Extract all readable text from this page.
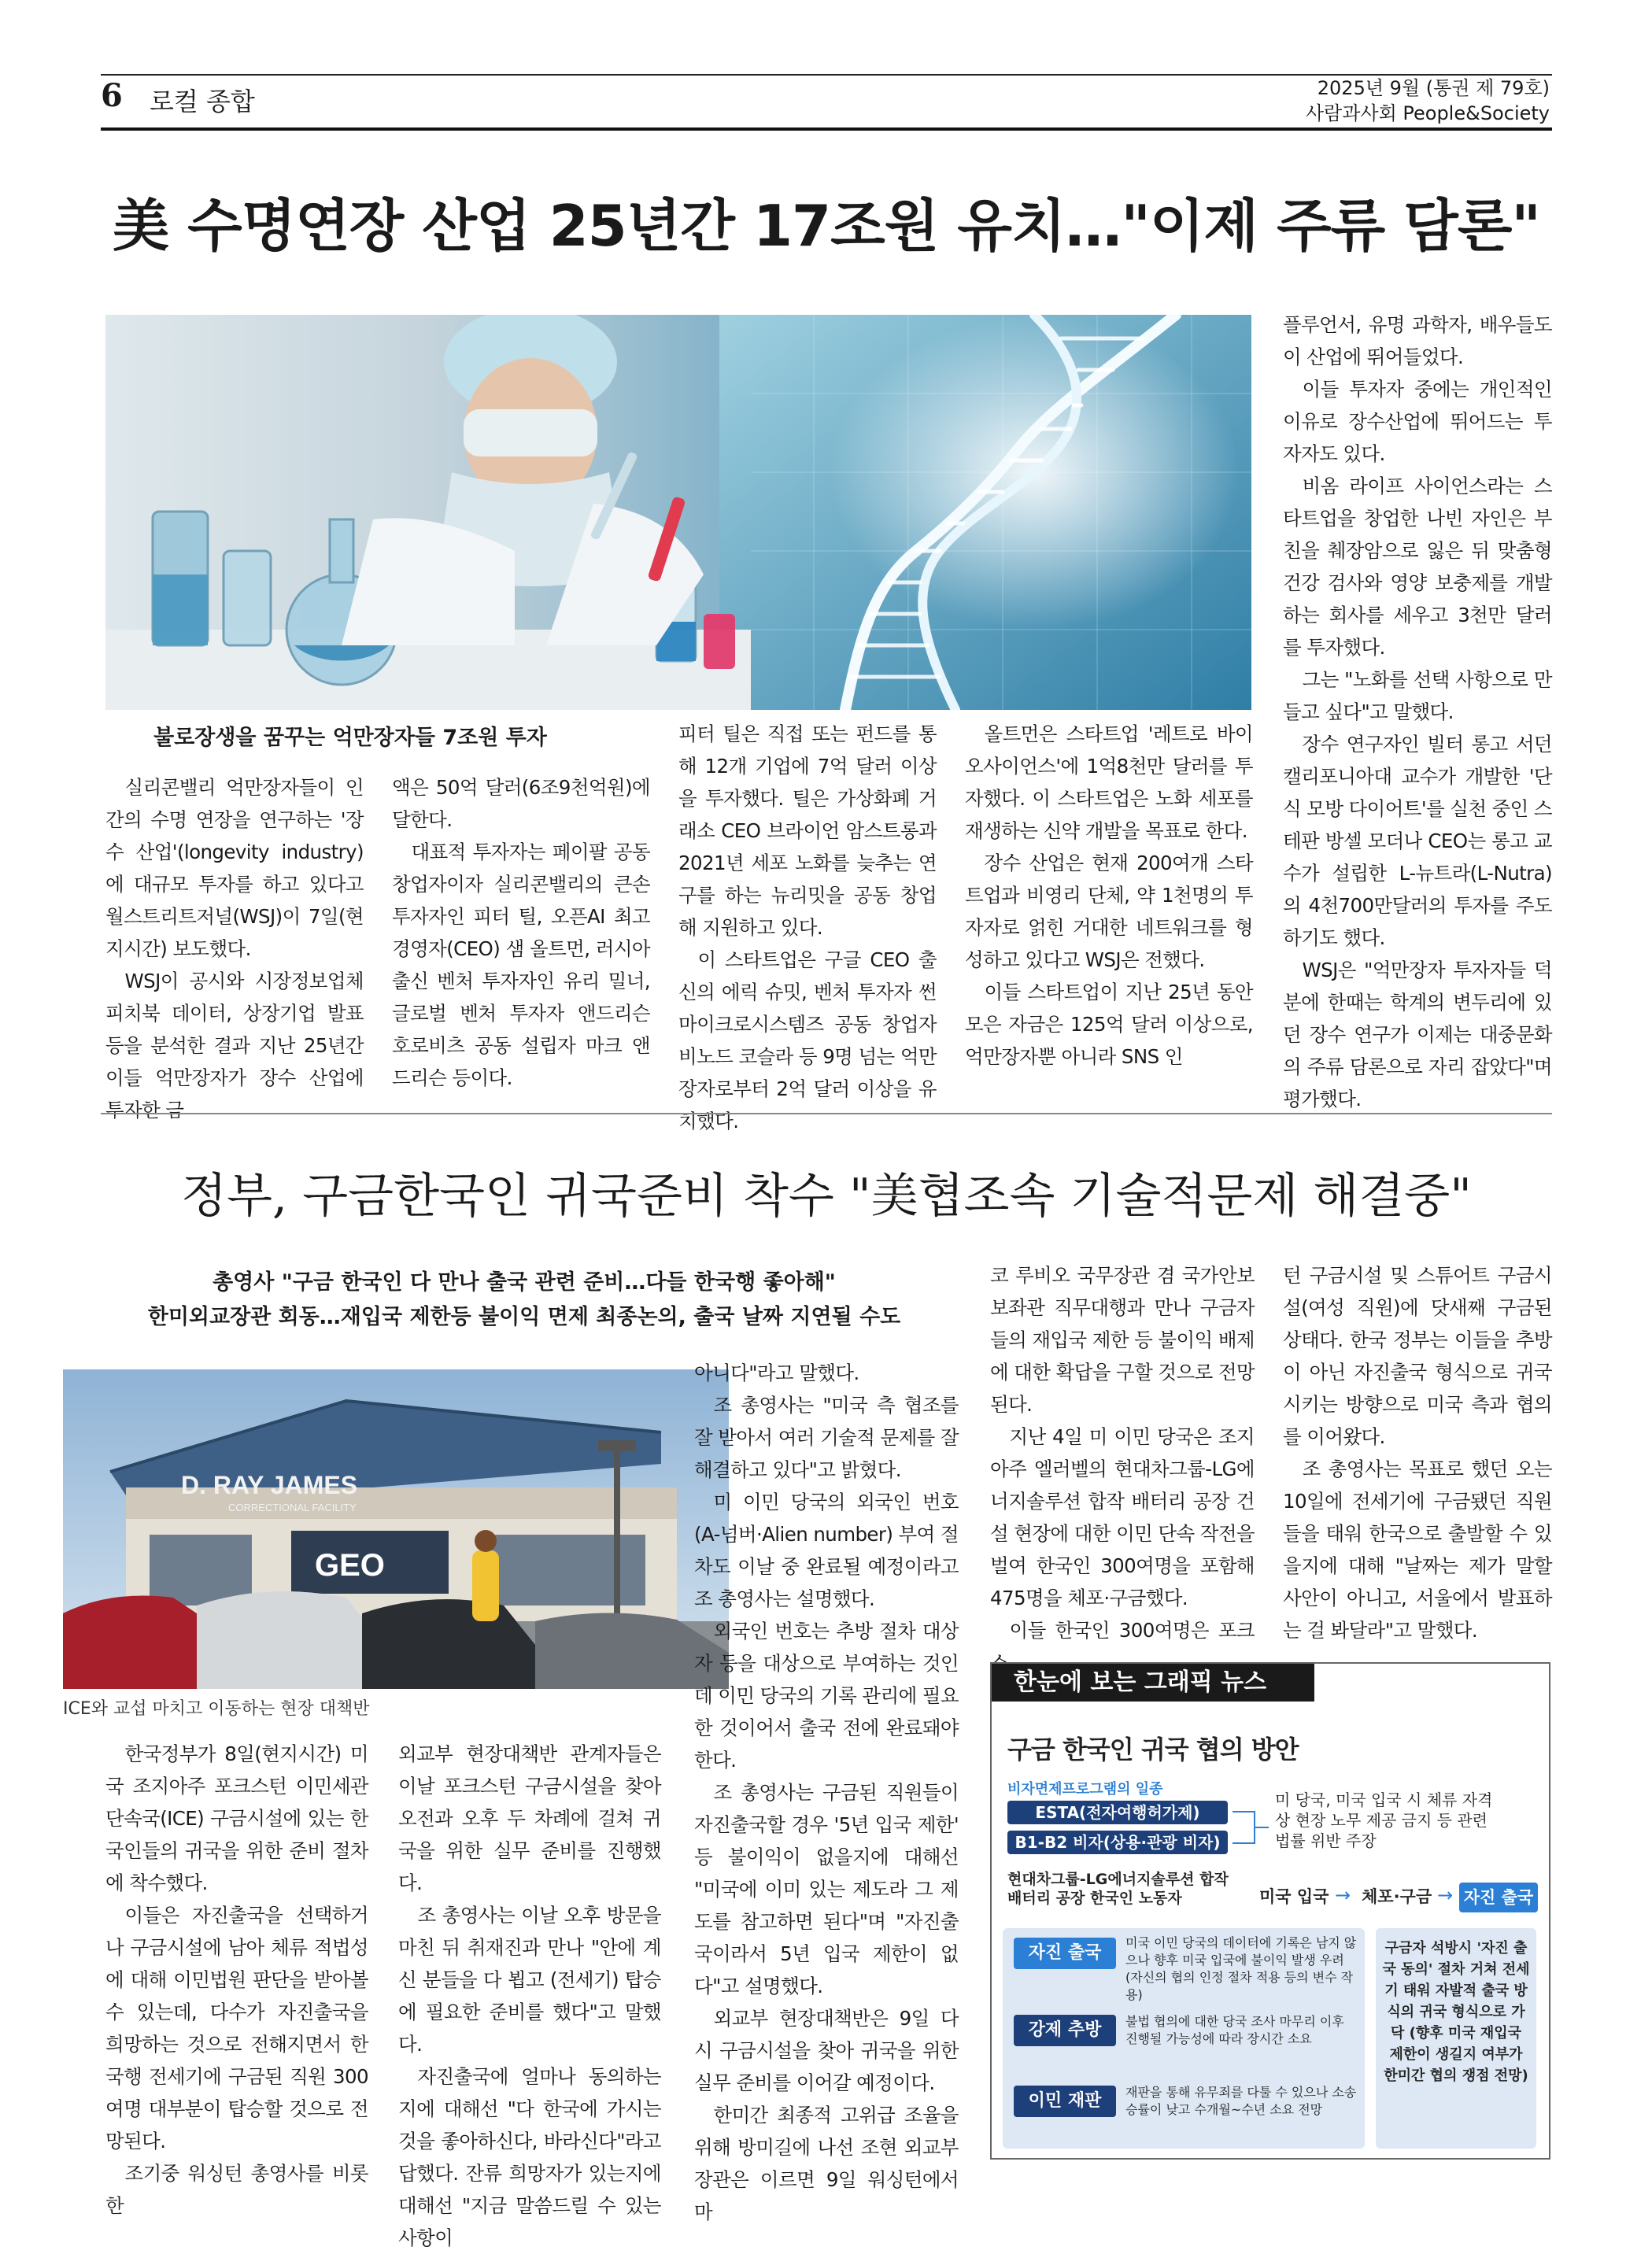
6 로컬 종합	2025년 9월 (통권 제 79호)
사람과사회 People&Society
美 수명연장 산업 25년간 17조원 유치…"이제 주류 담론"
불로장생을 꿈꾸는 억만장자들 7조원 투자

실리콘밸리 억만장자들이 인간의 수명 연장을 연구하는 '장수 산업'(longevity industry)에 대규모 투자를 하고 있다고 월스트리트저널(WSJ)이 7일(현지시간) 보도했다.

WSJ이 공시와 시장정보업체 피치북 데이터, 상장기업 발표 등을 분석한 결과 지난 25년간 이들 억만장자가 장수 산업에 투자한 금

액은 50억 달러(6조9천억원)에 달한다.

대표적 투자자는 페이팔 공동창업자이자 실리콘밸리의 큰손 투자자인 피터 틸, 오픈AI 최고경영자(CEO) 샘 올트먼, 러시아 출신 벤처 투자자인 유리 밀너, 글로벌 벤처 투자자 앤드리슨 호로비츠 공동 설립자 마크 앤드리슨 등이다.

피터 틸은 직접 또는 펀드를 통해 12개 기업에 7억 달러 이상을 투자했다. 틸은 가상화폐 거래소 CEO 브라이언 암스트롱과 2021년 세포 노화를 늦추는 연구를 하는 뉴리밋을 공동 창업해 지원하고 있다.

이 스타트업은 구글 CEO 출신의 에릭 슈밋, 벤처 투자자 썬마이크로시스템즈 공동 창업자 비노드 코슬라 등 9명 넘는 억만장자로부터 2억 달러 이상을 유치했다.

올트먼은 스타트업 '레트로 바이오사이언스'에 1억8천만 달러를 투자했다. 이 스타트업은 노화 세포를 재생하는 신약 개발을 목표로 한다.

장수 산업은 현재 200여개 스타트업과 비영리 단체, 약 1천명의 투자자로 얽힌 거대한 네트워크를 형성하고 있다고 WSJ은 전했다.

이들 스타트업이 지난 25년 동안 모은 자금은 125억 달러 이상으로, 억만장자뿐 아니라 SNS 인

플루언서, 유명 과학자, 배우들도 이 산업에 뛰어들었다.

이들 투자자 중에는 개인적인 이유로 장수산업에 뛰어드는 투자자도 있다.

비옴 라이프 사이언스라는 스타트업을 창업한 나빈 자인은 부친을 췌장암으로 잃은 뒤 맞춤형 건강 검사와 영양 보충제를 개발하는 회사를 세우고 3천만 달러를 투자했다.

그는 "노화를 선택 사항으로 만들고 싶다"고 말했다.

장수 연구자인 빌터 롱고 서던캘리포니아대 교수가 개발한 '단식 모방 다이어트'를 실천 중인 스테판 방셀 모더나 CEO는 롱고 교수가 설립한 L-뉴트라(L-Nutra)의 4천700만달러의 투자를 주도하기도 했다.

WSJ은 "억만장자 투자자들 덕분에 한때는 학계의 변두리에 있던 장수 연구가 이제는 대중문화의 주류 담론으로 자리 잡았다"며 평가했다.

정부, 구금한국인 귀국준비 착수 "美협조속 기술적문제 해결중"
총영사 "구금 한국인 다 만나 출국 관련 준비…다들 한국행 좋아해"
한미외교장관 회동…재입국 제한등 불이익 면제 최종논의, 출국 날짜 지연될 수도
D. RAY JAMES
CORRECTIONAL FACILITY
GEO
ICE와 교섭 마치고 이동하는 현장 대책반

한국정부가 8일(현지시간) 미국 조지아주 포크스턴 이민세관단속국(ICE) 구금시설에 있는 한국인들의 귀국을 위한 준비 절차에 착수했다.

이들은 자진출국을 선택하거나 구금시설에 남아 체류 적법성에 대해 이민법원 판단을 받아볼 수 있는데, 다수가 자진출국을 희망하는 것으로 전해지면서 한국행 전세기에 구금된 직원 300여명 대부분이 탑승할 것으로 전망된다.

조기중 워싱턴 총영사를 비롯한

외교부 현장대책반 관계자들은 이날 포크스턴 구금시설을 찾아 오전과 오후 두 차례에 걸쳐 귀국을 위한 실무 준비를 진행했다.

조 총영사는 이날 오후 방문을 마친 뒤 취재진과 만나 "안에 계신 분들을 다 뵙고 (전세기) 탑승에 필요한 준비를 했다"고 말했다.

자진출국에 얼마나 동의하는지에 대해선 "다 한국에 가시는 것을 좋아하신다, 바라신다"라고 답했다. 잔류 희망자가 있는지에 대해선 "지금 말씀드릴 수 있는 사항이

아니다"라고 말했다.

조 총영사는 "미국 측 협조를 잘 받아서 여러 기술적 문제를 잘 해결하고 있다"고 밝혔다.

미 이민 당국의 외국인 번호(A-넘버·Alien number) 부여 절차도 이날 중 완료될 예정이라고 조 총영사는 설명했다.

외국인 번호는 추방 절차 대상자 등을 대상으로 부여하는 것인데 이민 당국의 기록 관리에 필요한 것이어서 출국 전에 완료돼야 한다.

조 총영사는 구금된 직원들이 자진출국할 경우 '5년 입국 제한' 등 불이익이 없을지에 대해선 "미국에 이미 있는 제도라 그 제도를 참고하면 된다"며 "자진출국이라서 5년 입국 제한이 없다"고 설명했다.

외교부 현장대책반은 9일 다시 구금시설을 찾아 귀국을 위한 실무 준비를 이어갈 예정이다.

한미간 최종적 고위급 조율을 위해 방미길에 나선 조현 외교부 장관은 이르면 9일 워싱턴에서 마

코 루비오 국무장관 겸 국가안보보좌관 직무대행과 만나 구금자들의 재입국 제한 등 불이익 배제에 대한 확답을 구할 것으로 전망된다.

지난 4일 미 이민 당국은 조지아주 엘러벨의 현대차그룹-LG에너지솔루션 합작 배터리 공장 건설 현장에 대한 이민 단속 작전을 벌여 한국인 300여명을 포함해 475명을 체포·구금했다.

이들 한국인 300여명은 포크

턴 구금시설 및 스튜어트 구금시설(여성 직원)에 닷새째 구금된 상태다. 한국 정부는 이들을 추방이 아닌 자진출국 형식으로 귀국시키는 방향으로 미국 측과 협의를 이어왔다.

조 총영사는 목표로 했던 오는 10일에 전세기에 구금됐던 직원들을 태워 한국으로 출발할 수 있을지에 대해 "날짜는 제가 말할 사안이 아니고, 서울에서 발표하는 걸 봐달라"고 말했다.

한눈에 보는 그래픽 뉴스
구금 한국인 귀국 협의 방안
비자면제프로그램의 일종
ESTA(전자여행허가제)
B1-B2 비자(상용·관광 비자)
미 당국, 미국 입국 시 체류 자격상 현장 노무 제공 금지 등 관련 법률 위반 주장
현대차그룹-LG에너지솔루션 합작 배터리 공장 한국인 노동자	미국 입국 → 체포·구금 → 자진 출국
자진 출국
미국 이민 당국의 데이터에 기록은 남지 않으나 향후 미국 입국에 불이익 발생 우려 (자신의 협의 인정 절차 적용 등의 변수 작용)
강제 추방	불법 협의에 대한 당국 조사 마무리 이후 진행될 가능성에 따라 장시간 소요
이민 재판	재판을 통해 유무죄를 다툴 수 있으나 소송 승률이 낮고 수개월~수년 소요 전망
구금자 석방시 '자진 출국 동의' 절차 거쳐 전세기 태워 자발적 출국 방식의 귀국 형식으로 가닥 (향후 미국 재입국 제한이 생길지 여부가 한미간 협의 쟁점 전망)
